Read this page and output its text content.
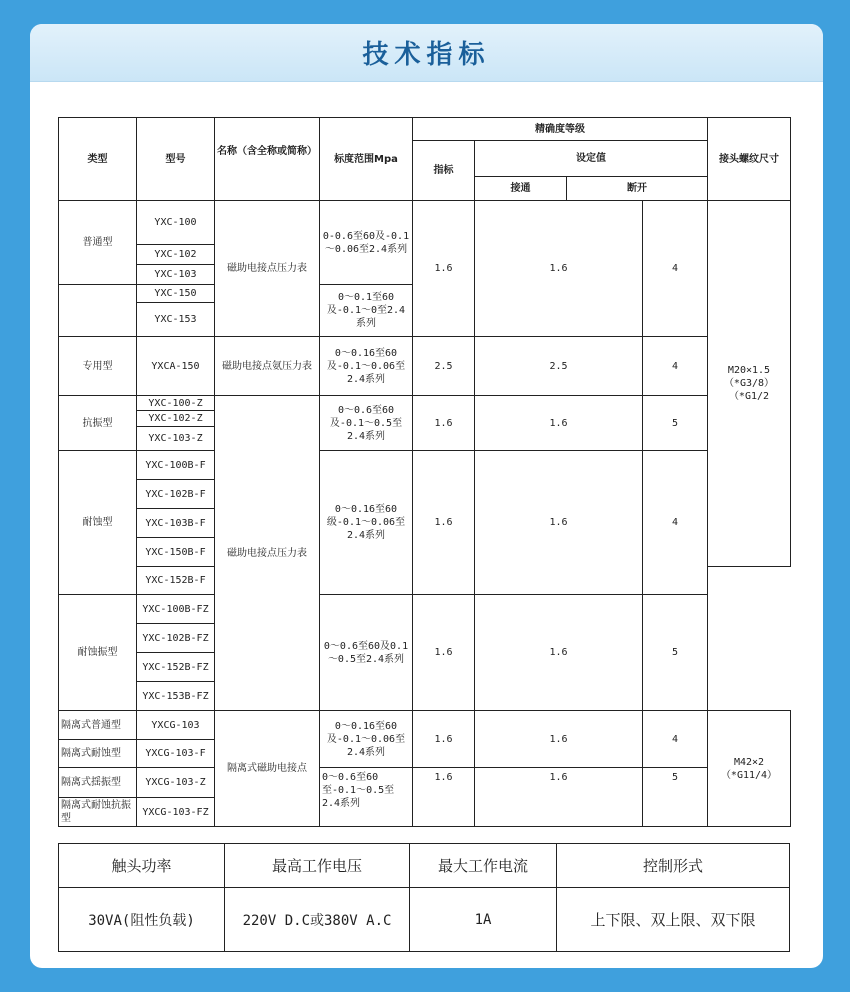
技术指标
类型	型号	名称（含全称或简称）	标度范围Mpa	精确度等级				接头螺纹尺寸
				指标	设定值			
					接通	断开		
普通型	YXC-100	磁助电接点压力表	0-0.6至60及-0.1～0.06至2.4系列	1.6	1.6		4	M20×1.5（*G3/8）（*G1/2
	YXC-102							
	YXC-103							
	YXC-150		0～0.1至60及-0.1～0至2.4系列					
	YXC-153							
专用型	YXCA-150	磁助电接点氨压力表	0～0.16至60及-0.1～0.06至2.4系列	2.5	2.5		4	
抗振型	YXC-100-Z	磁助电接点压力表	0～0.6至60及-0.1～0.5至2.4系列	1.6	1.6		5	
	YXC-102-Z							
	YXC-103-Z							
耐蚀型	YXC-100B-F		0～0.16至60级-0.1～0.06至2.4系列	1.6	1.6		4	
	YXC-102B-F							
	YXC-103B-F							
	YXC-150B-F							
	YXC-152B-F							
耐蚀振型	YXC-100B-FZ		0～0.6至60及0.1～0.5至2.4系列	1.6	1.6		5	
	YXC-102B-FZ							
	YXC-152B-FZ							
	YXC-153B-FZ							
隔离式普通型	YXCG-103	隔离式磁助电接点	0～0.16至60及-0.1～0.06至2.4系列	1.6	1.6		4	M42×2（*G11/4）
隔离式耐蚀型	YXCG-103-F							
隔离式揺振型	YXCG-103-Z		0～0.6至60至-0.1～0.5至2.4系列	1.6	1.6		5	
隔离式耐蚀抗振型	YXCG-103-FZ							
触头功率	最高工作电压	最大工作电流	控制形式
30VA(阻性负载)	220V D.C或380V A.C	1A	上下限、双上限、双下限
